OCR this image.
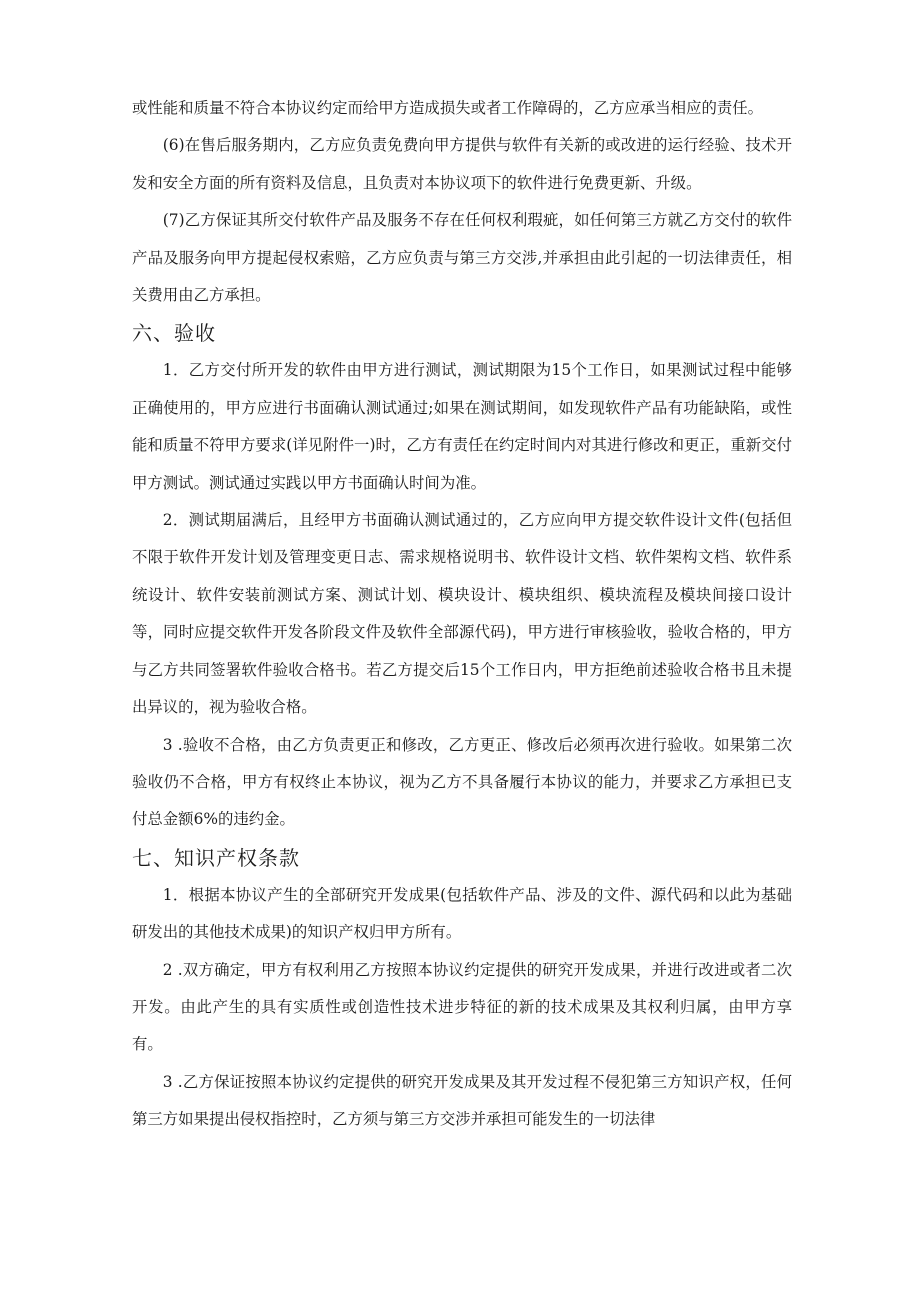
或性能和质量不符合本协议约定而给甲方造成损失或者工作障碍的，乙方应承当相应的责任。

(6)在售后服务期内，乙方应负责免费向甲方提供与软件有关新的或改进的运行经验、技术开发和安全方面的所有资料及信息，且负责对本协议项下的软件进行免费更新、升级。

(7)乙方保证其所交付软件产品及服务不存在任何权利瑕疵，如任何第三方就乙方交付的软件产品及服务向甲方提起侵权索赔，乙方应负责与第三方交涉,并承担由此引起的一切法律责任，相关费用由乙方承担。

六、验收

1．乙方交付所开发的软件由甲方进行测试，测试期限为15个工作日，如果测试过程中能够正确使用的，甲方应进行书面确认测试通过;如果在测试期间，如发现软件产品有功能缺陷，或性能和质量不符甲方要求(详见附件一)时，乙方有责任在约定时间内对其进行修改和更正，重新交付甲方测试。测试通过实践以甲方书面确认时间为准。

2．测试期届满后，且经甲方书面确认测试通过的，乙方应向甲方提交软件设计文件(包括但不限于软件开发计划及管理变更日志、需求规格说明书、软件设计文档、软件架构文档、软件系统设计、软件安装前测试方案、测试计划、模块设计、模块组织、模块流程及模块间接口设计等，同时应提交软件开发各阶段文件及软件全部源代码)，甲方进行审核验收，验收合格的，甲方与乙方共同签署软件验收合格书。若乙方提交后15个工作日内，甲方拒绝前述验收合格书且未提出异议的，视为验收合格。

3 .验收不合格，由乙方负责更正和修改，乙方更正、修改后必须再次进行验收。如果第二次验收仍不合格，甲方有权终止本协议，视为乙方不具备履行本协议的能力，并要求乙方承担已支付总金额6%的违约金。

七、知识产权条款

1．根据本协议产生的全部研究开发成果(包括软件产品、涉及的文件、源代码和以此为基础研发出的其他技术成果)的知识产权归甲方所有。

2 .双方确定，甲方有权利用乙方按照本协议约定提供的研究开发成果，并进行改进或者二次开发。由此产生的具有实质性或创造性技术进步特征的新的技术成果及其权利归属，由甲方享有。

3 .乙方保证按照本协议约定提供的研究开发成果及其开发过程不侵犯第三方知识产权，任何第三方如果提出侵权指控时，乙方须与第三方交涉并承担可能发生的一切法律
